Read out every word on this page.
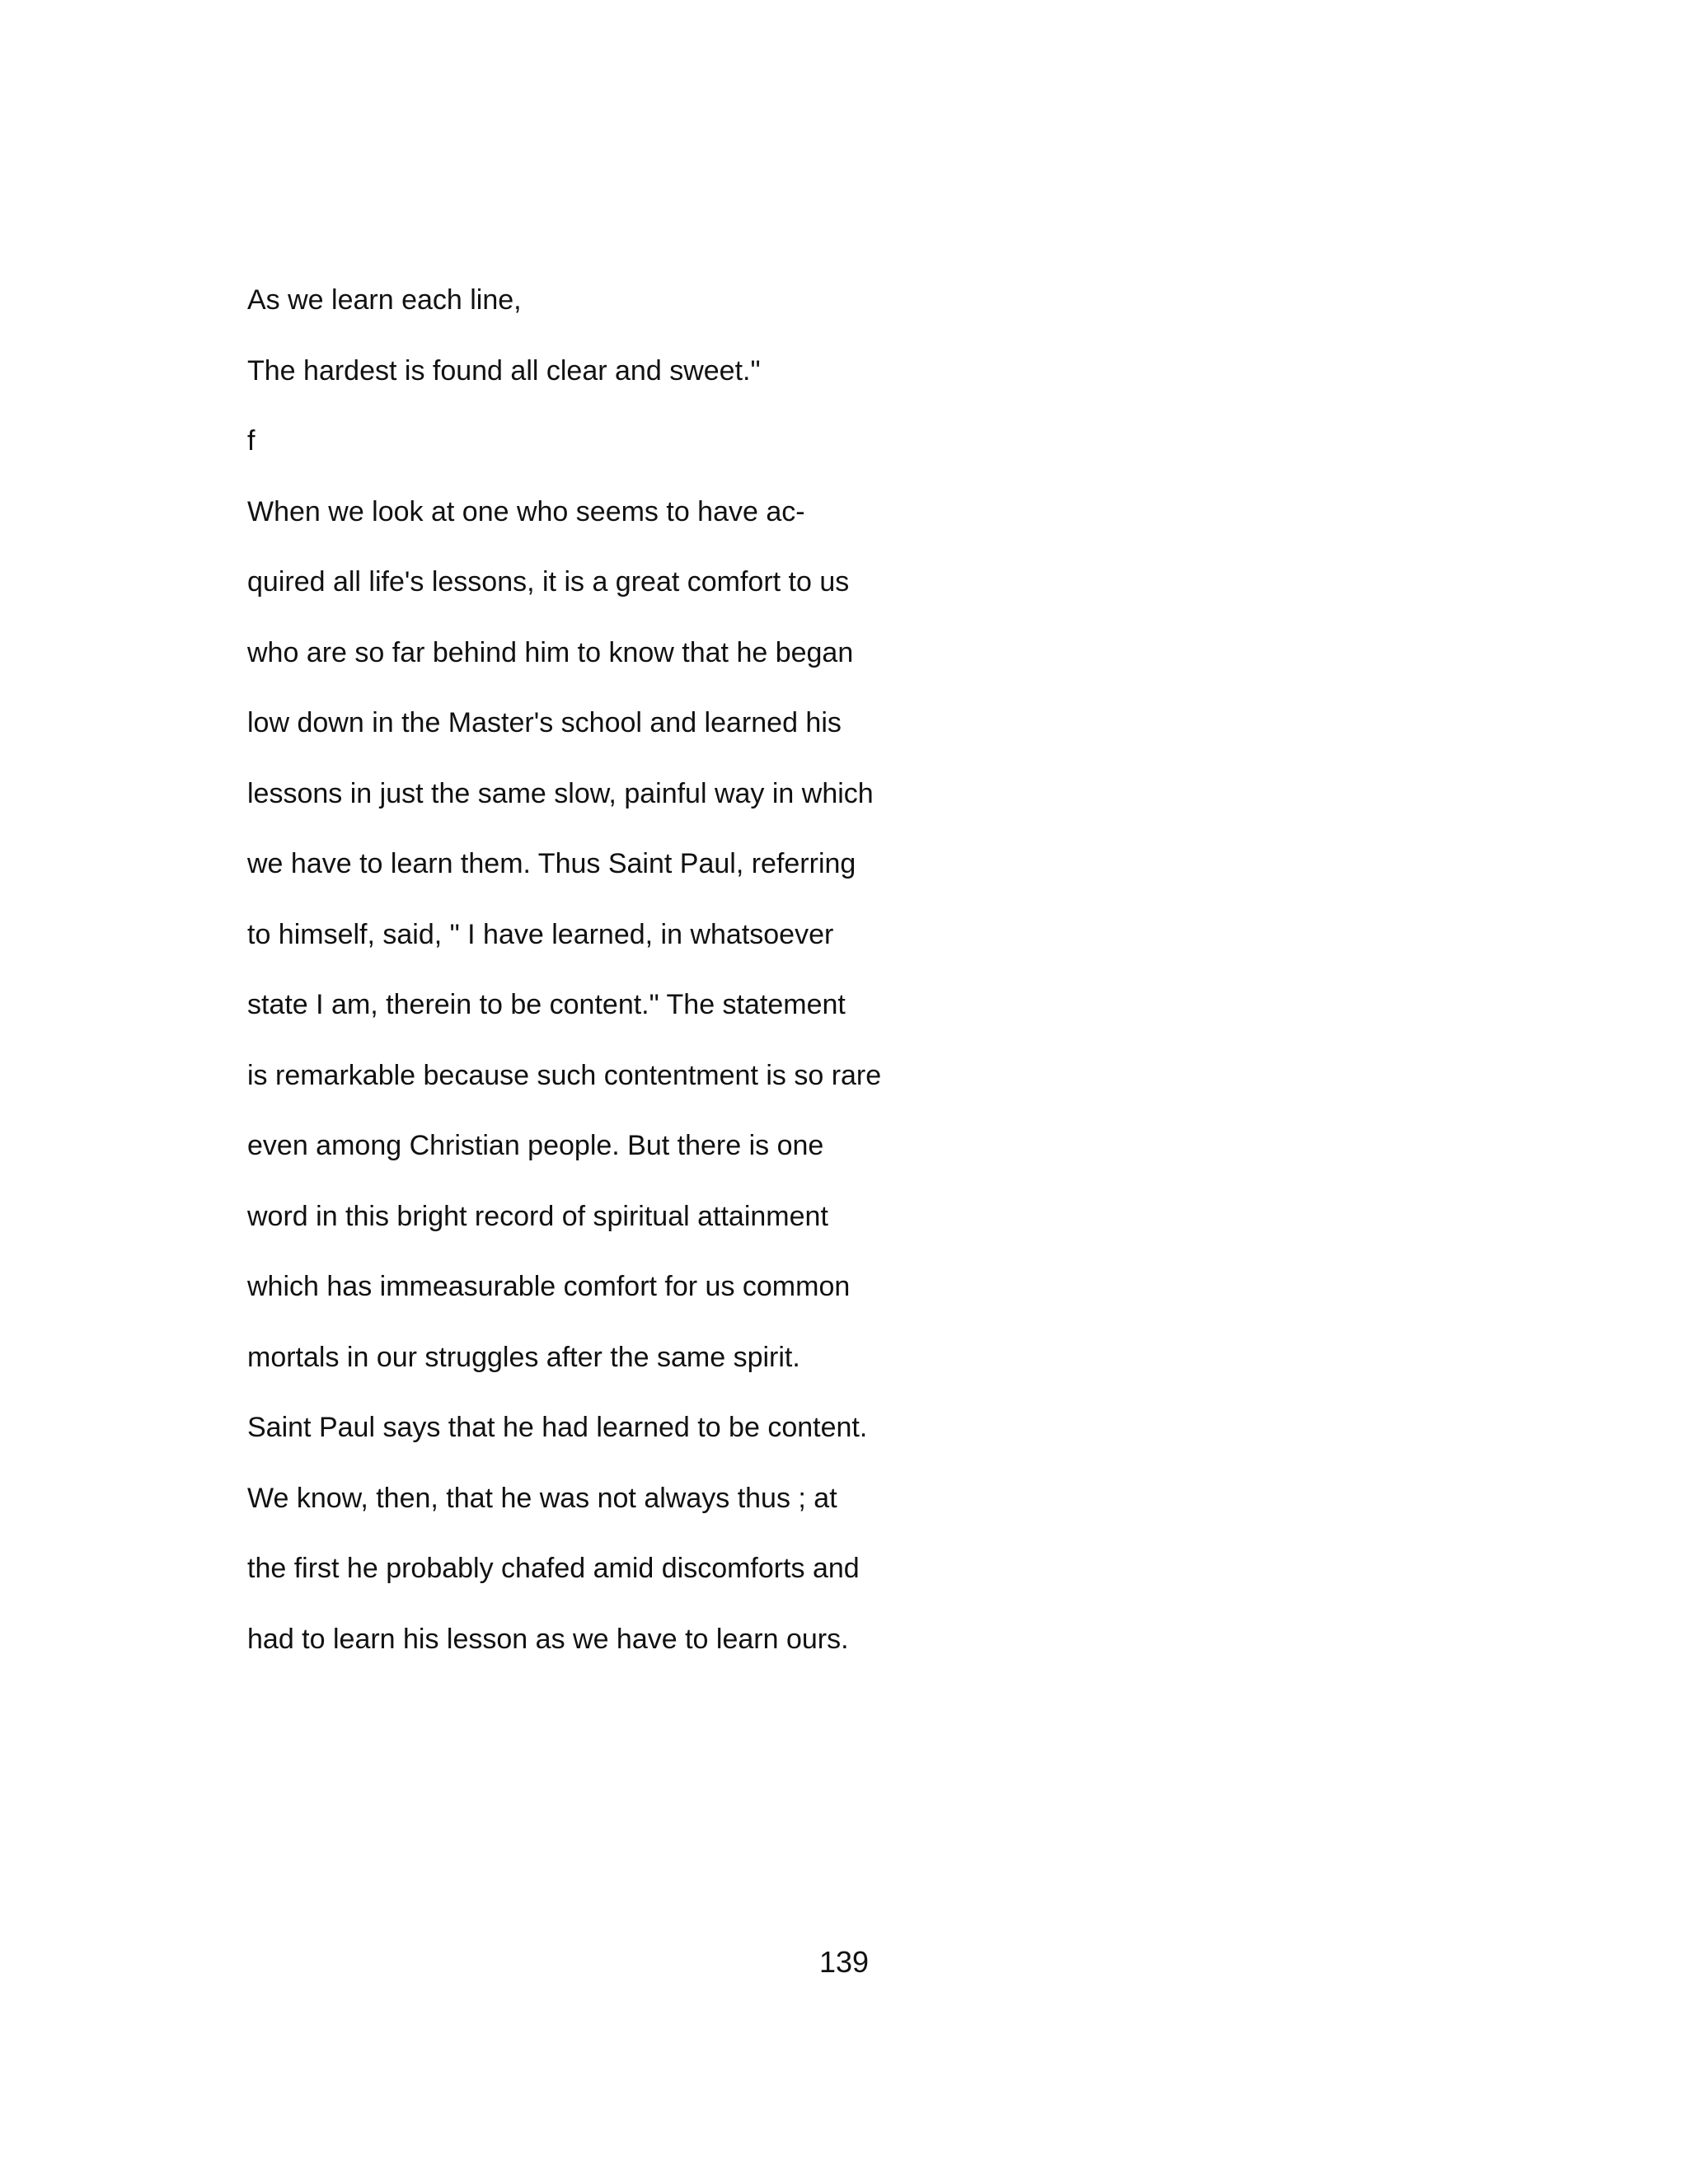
As we learn each line,
The hardest is found all clear and sweet."
f
When we look at one who seems to have ac-
quired all life's lessons, it is a great comfort to us
who are so far behind him to know that he began
low down in the Master's school and learned his
lessons in just the same slow, painful way in which
we have to learn them. Thus Saint Paul, referring
to himself, said, " I have learned, in whatsoever
state I am, therein to be content." The statement
is remarkable because such contentment is so rare
even among Christian people. But there is one
word in this bright record of spiritual attainment
which has immeasurable comfort for us common
mortals in our struggles after the same spirit.
Saint Paul says that he had learned to be content.
We know, then, that he was not always thus ; at
the first he probably chafed amid discomforts and
had to learn his lesson as we have to learn ours.
139
